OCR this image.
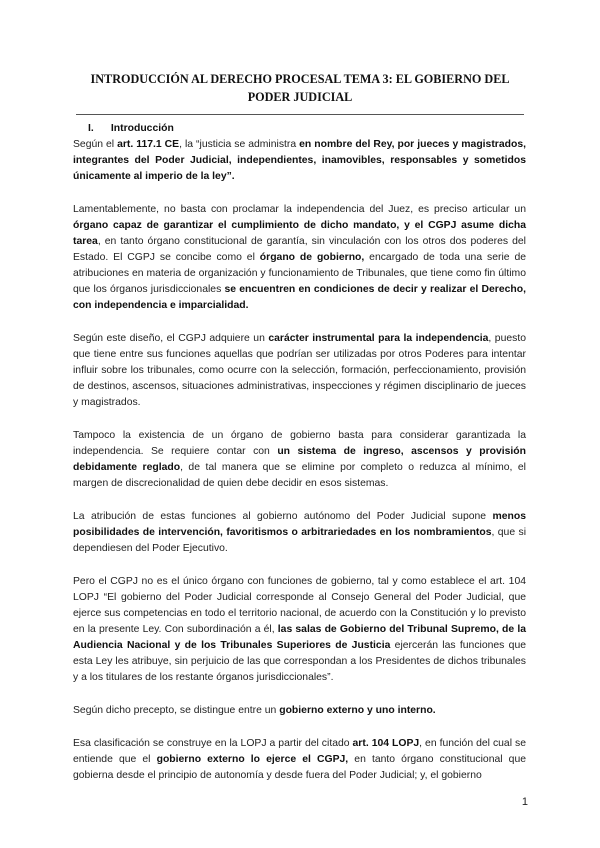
INTRODUCCIÓN AL DERECHO PROCESAL TEMA 3: EL GOBIERNO DEL PODER JUDICIAL
I. Introducción

Según el art. 117.1 CE, la “justicia se administra en nombre del Rey, por jueces y magistrados, integrantes del Poder Judicial, independientes, inamovibles, responsables y sometidos únicamente al imperio de la ley”.

Lamentablemente, no basta con proclamar la independencia del Juez, es preciso articular un órgano capaz de garantizar el cumplimiento de dicho mandato, y el CGPJ asume dicha tarea, en tanto órgano constitucional de garantía, sin vinculación con los otros dos poderes del Estado. El CGPJ se concibe como el órgano de gobierno, encargado de toda una serie de atribuciones en materia de organización y funcionamiento de Tribunales, que tiene como fin último que los órganos jurisdiccionales se encuentren en condiciones de decir y realizar el Derecho, con independencia e imparcialidad.

Según este diseño, el CGPJ adquiere un carácter instrumental para la independencia, puesto que tiene entre sus funciones aquellas que podrían ser utilizadas por otros Poderes para intentar influir sobre los tribunales, como ocurre con la selección, formación, perfeccionamiento, provisión de destinos, ascensos, situaciones administrativas, inspecciones y régimen disciplinario de jueces y magistrados.

Tampoco la existencia de un órgano de gobierno basta para considerar garantizada la independencia. Se requiere contar con un sistema de ingreso, ascensos y provisión debidamente reglado, de tal manera que se elimine por completo o reduzca al mínimo, el margen de discrecionalidad de quien debe decidir en esos sistemas.

La atribución de estas funciones al gobierno autónomo del Poder Judicial supone menos posibilidades de intervención, favoritismos o arbitrariedades en los nombramientos, que si dependiesen del Poder Ejecutivo.

Pero el CGPJ no es el único órgano con funciones de gobierno, tal y como establece el art. 104 LOPJ “El gobierno del Poder Judicial corresponde al Consejo General del Poder Judicial, que ejerce sus competencias en todo el territorio nacional, de acuerdo con la Constitución y lo previsto en la presente Ley. Con subordinación a él, las salas de Gobierno del Tribunal Supremo, de la Audiencia Nacional y de los Tribunales Superiores de Justicia ejercerán las funciones que esta Ley les atribuye, sin perjuicio de las que correspondan a los Presidentes de dichos tribunales y a los titulares de los restante órganos jurisdiccionales”.

Según dicho precepto, se distingue entre un gobierno externo y uno interno.

Esa clasificación se construye en la LOPJ a partir del citado art. 104 LOPJ, en función del cual se entiende que el gobierno externo lo ejerce el CGPJ, en tanto órgano constitucional que gobierna desde el principio de autonomía y desde fuera del Poder Judicial; y, el gobierno

1
